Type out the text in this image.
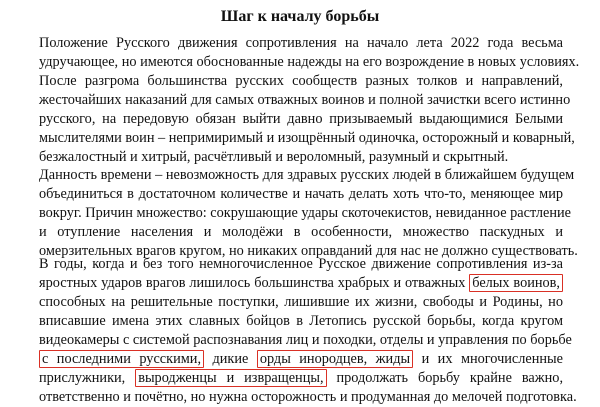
Шаг к началу борьбы

Положение Русского движения сопротивления на начало лета 2022 года весьма

удручающее, но имеются обоснованные надежды на его возрождение в новых условиях.

После разгрома большинства русских сообществ разных толков и направлений,

жесточайших наказаний для самых отважных воинов и полной зачистки всего истинно

русского, на передовую обязан выйти давно призываемый выдающимися Белыми

мыслителями воин – непримиримый и изощрённый одиночка, осторожный и коварный,

безжалостный и хитрый, расчётливый и вероломный, разумный и скрытный.

Данность времени – невозможность для здравых русских людей в ближайшем будущем

объединиться в достаточном количестве и начать делать хоть что-то, меняющее мир

вокруг. Причин множество: сокрушающие удары скоточекистов, невиданное растление

и отупление населения и молодёжи в особенности, множество паскудных и

омерзительных врагов кругом, но никаких оправданий для нас не должно существовать.

В годы, когда и без того немногочисленное Русское движение сопротивления из-за

яростных ударов врагов лишилось большинства храбрых и отважных белых воинов,

способных на решительные поступки, лишившие их жизни, свободы и Родины, но

вписавшие имена этих славных бойцов в Летопись русской борьбы, когда кругом

видеокамеры с системой распознавания лиц и походки, отделы и управления по борьбе

с последними русскими, дикие орды инородцев, жиды и их многочисленные

прислужники, выродженцы и извращенцы, продолжать борьбу крайне важно,

ответственно и почётно, но нужна осторожность и продуманная до мелочей подготовка.
